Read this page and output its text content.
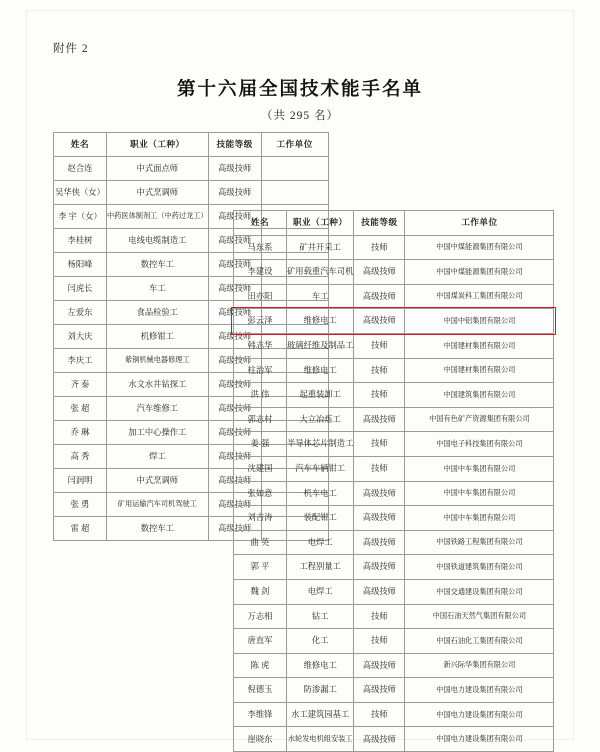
附件 2
第十六届全国技术能手名单
（共 295 名）
姓名	职业（工种）	技能等级	工作单位
赵合连	中式面点师	高级技师	
吴华侠（女）	中式烹调师	高级技师	
李 宇（女）	中药医体制剂工（中药过龙工）	高级技师	
李桂树	电线电缆制造工	高级技师	
杨阳峰	数控车工	高级技师	
闫虎长	车工	高级技师	
左爱东	食品检验工	高级技师	
刘大庆	机修钳工	高级技师	
李庆工	紫铜机械电器修理工	高级技师	
齐 泰	水文水井钻探工	高级技师	
张 超	汽车维修工	高级技师	
乔 琳	加工中心操作工	高级技师	
高 秀	焊工	高级技师	
闫润明	中式烹调师	高级技师	
张 勇	矿用运输汽车司机驾驶工	高级技师	
雷 超	数控车工	高级技师	
姓名	职业（工种）	技能等级	工作单位
马东系	矿井开采工	技师	中国中煤能源集团有限公司

李建设	矿用载重汽车司机	高级技师	中国中煤能源集团有限公司

田亦阳	车工	高级技师	中国煤炭科工集团有限公司

彭云泽	维修电工	高级技师	中国中铝集团有限公司

韩志华	玻璃纤维及制品工	技师	中国建材集团有限公司

柱治军	维修电工	技师	中国建材集团有限公司

洪 伟	起重装卸工	技师	中国建筑集团有限公司

郭志村	大立冶炼工	高级技师	中国有色矿产资源集团有限公司

姜 强	半导体芯片制造工	技师	中国电子科技集团有限公司

沈建国	汽车车辆钳工	技师	中国中车集团有限公司

张如意	机车电工	高级技师	中国中车集团有限公司

刘吉涛	装配钳工	高级技师	中国中车集团有限公司

曲 英	电焊工	高级技师	中国铁路工程集团有限公司

郭 平	工程别量工	高级技师	中国铁道建筑集团有限公司

魏 剑	电焊工	高级技师	中国交通建设集团有限公司

万志相	钻工	技师	中国石油天然气集团有限公司

唐直军	化工	技师	中国石油化工集团有限公司

陈 虎	维修电工	高级技师	新兴际华集团有限公司

倪德玉	防渗漏工	高级技师	中国电力建设集团有限公司

李维锋	水工建筑园基工	技师	中国电力建设集团有限公司

崖晓东	水轮发电机组安装工	高级技师	中国电力建设集团有限公司
